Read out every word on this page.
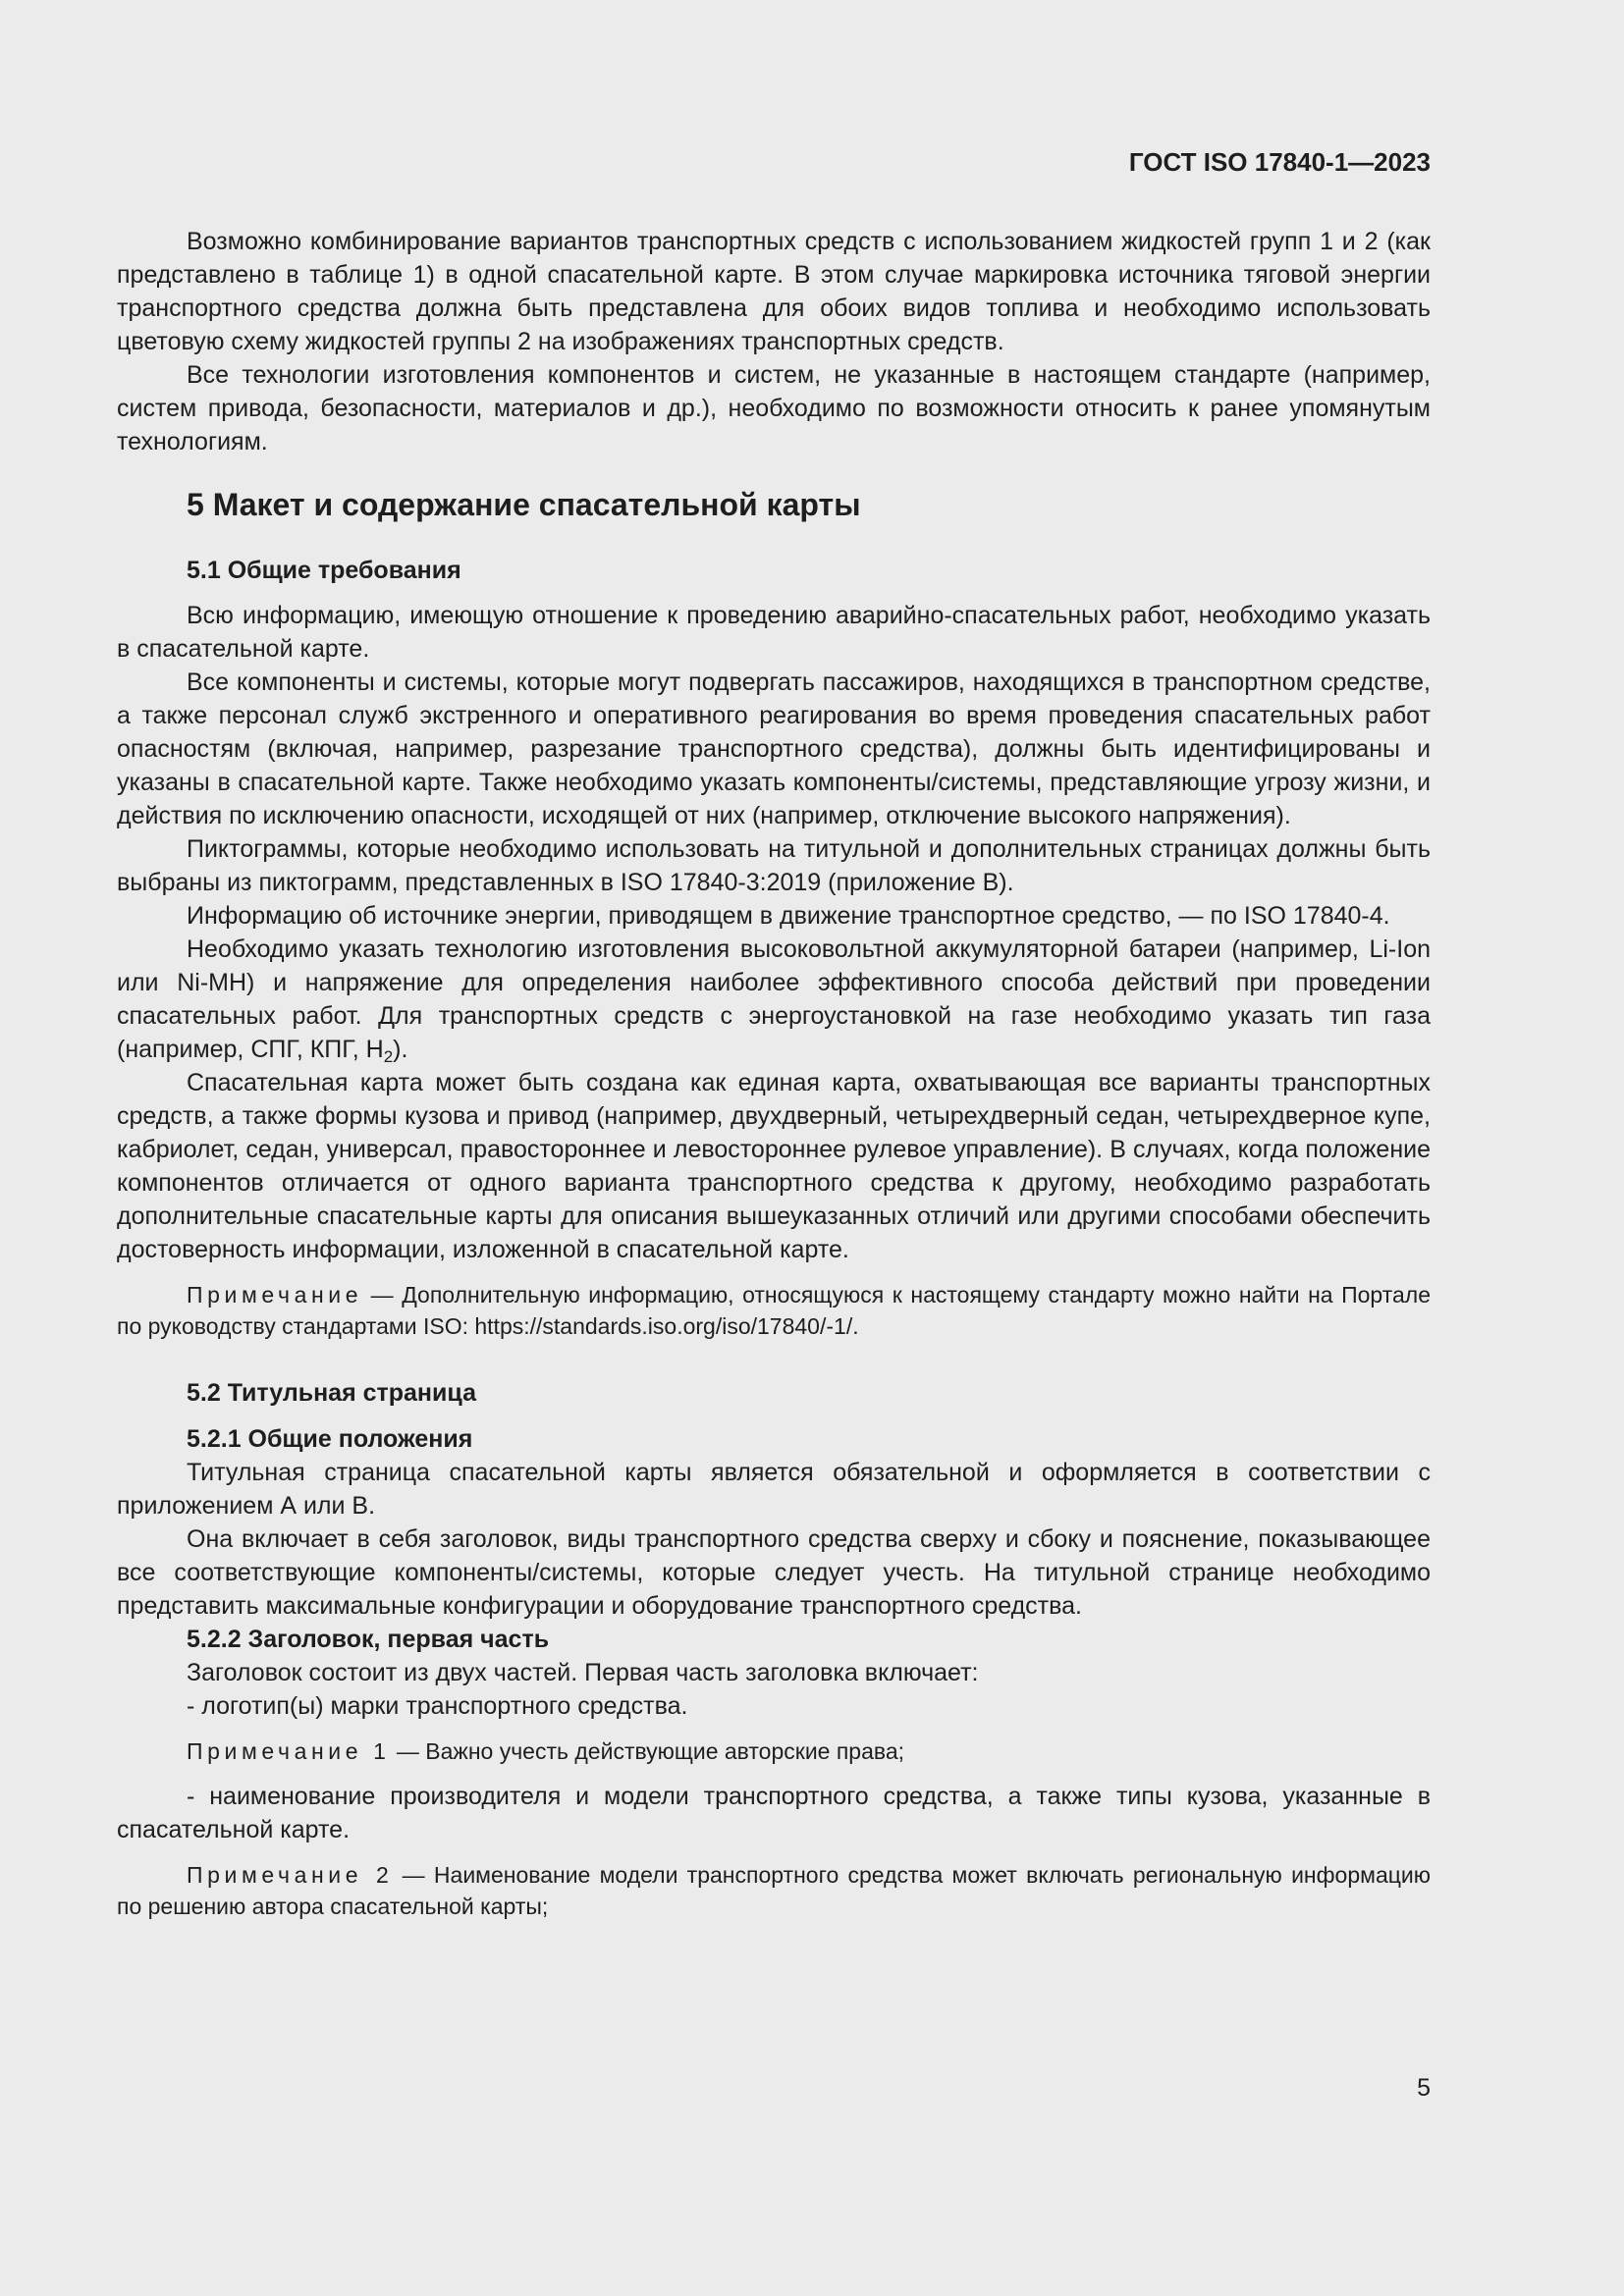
ГОСТ ISO 17840-1—2023

Возможно комбинирование вариантов транспортных средств с использованием жидкостей групп 1 и 2 (как представлено в таблице 1) в одной спасательной карте. В этом случае маркировка источника тяговой энергии транспортного средства должна быть представлена для обоих видов топлива и необходимо использовать цветовую схему жидкостей группы 2 на изображениях транспортных средств.

Все технологии изготовления компонентов и систем, не указанные в настоящем стандарте (например, систем привода, безопасности, материалов и др.), необходимо по возможности относить к ранее упомянутым технологиям.

5 Макет и содержание спасательной карты

5.1 Общие требования

Всю информацию, имеющую отношение к проведению аварийно-спасательных работ, необходимо указать в спасательной карте.

Все компоненты и системы, которые могут подвергать пассажиров, находящихся в транспортном средстве, а также персонал служб экстренного и оперативного реагирования во время проведения спасательных работ опасностям (включая, например, разрезание транспортного средства), должны быть идентифицированы и указаны в спасательной карте. Также необходимо указать компоненты/системы, представляющие угрозу жизни, и действия по исключению опасности, исходящей от них (например, отключение высокого напряжения).

Пиктограммы, которые необходимо использовать на титульной и дополнительных страницах должны быть выбраны из пиктограмм, представленных в ISO 17840-3:2019 (приложение B).

Информацию об источнике энергии, приводящем в движение транспортное средство, — по ISO 17840-4.

Необходимо указать технологию изготовления высоковольтной аккумуляторной батареи (например, Li-Ion или Ni-MH) и напряжение для определения наиболее эффективного способа действий при проведении спасательных работ. Для транспортных средств с энергоустановкой на газе необходимо указать тип газа (например, СПГ, КПГ, $H_2$).

Спасательная карта может быть создана как единая карта, охватывающая все варианты транспортных средств, а также формы кузова и привод (например, двухдверный, четырехдверный седан, четырехдверное купе, кабриолет, седан, универсал, правостороннее и левостороннее рулевое управление). В случаях, когда положение компонентов отличается от одного варианта транспортного средства к другому, необходимо разработать дополнительные спасательные карты для описания вышеуказанных отличий или другими способами обеспечить достоверность информации, изложенной в спасательной карте.

Примечание — Дополнительную информацию, относящуюся к настоящему стандарту можно найти на Портале по руководству стандартами ISO: https://standards.iso.org/iso/17840/-1/.

5.2 Титульная страница

5.2.1 Общие положения

Титульная страница спасательной карты является обязательной и оформляется в соответствии с приложением А или B.

Она включает в себя заголовок, виды транспортного средства сверху и сбоку и пояснение, показывающее все соответствующие компоненты/системы, которые следует учесть. На титульной странице необходимо представить максимальные конфигурации и оборудование транспортного средства.

5.2.2 Заголовок, первая часть

Заголовок состоит из двух частей. Первая часть заголовка включает:

- логотип(ы) марки транспортного средства.

Примечание 1 — Важно учесть действующие авторские права;

- наименование производителя и модели транспортного средства, а также типы кузова, указанные в спасательной карте.

Примечание 2 — Наименование модели транспортного средства может включать региональную информацию по решению автора спасательной карты;

5
